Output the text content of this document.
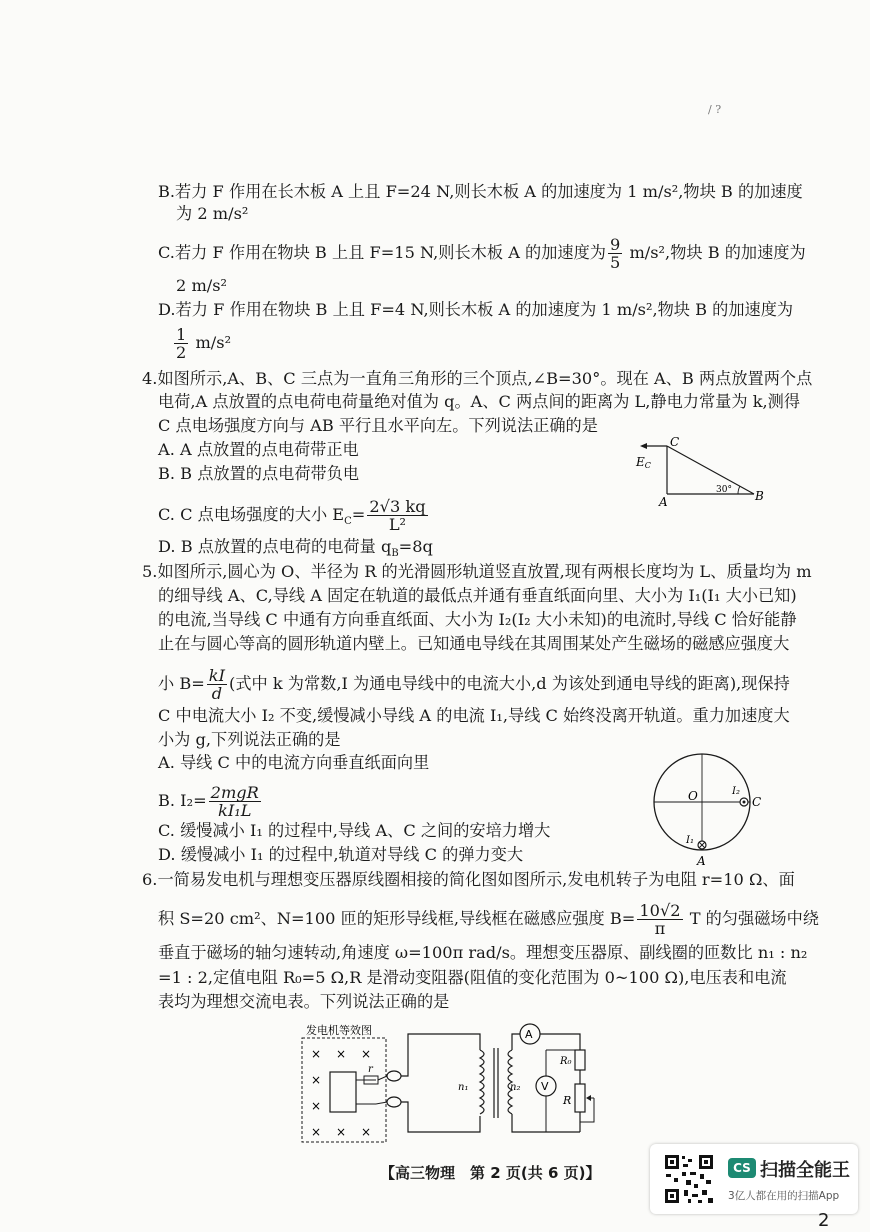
/ ?
B.若力 F 作用在长木板 A 上且 F=24 N,则长木板 A 的加速度为 1 m/s²,物块 B 的加速度
为 2 m/s²
C.若力 F 作用在物块 B 上且 F=15 N,则长木板 A 的加速度为 $\frac{9}{5} m/s^2$,物块 B 的加速度为
2 m/s²
D.若力 F 作用在物块 B 上且 F=4 N,则长木板 A 的加速度为 1 m/s²,物块 B 的加速度为
$\frac{1}{2} m/s^2$
4.如图所示,A、B、C 三点为一直角三角形的三个顶点,∠B=30°。现在 A、B 两点放置两个点
电荷,A 点放置的点电荷电荷量绝对值为 q。A、C 两点间的距离为 L,静电力常量为 k,测得
C 点电场强度方向与 AB 平行且水平向左。下列说法正确的是
A. A 点放置的点电荷带正电
B. B 点放置的点电荷带负电
C. C 点电场强度的大小 $E_C= \frac{2√3 kq}{\text{L²}}$
D. B 点放置的点电荷的电荷量 $q_B=8q$
C
A	B
EC
30°
5.如图所示,圆心为 O、半径为 R 的光滑圆形轨道竖直放置,现有两根长度均为 L、质量均为 m
的细导线 A、C,导线 A 固定在轨道的最低点并通有垂直纸面向里、大小为 I₁(I₁ 大小已知)
的电流,当导线 C 中通有方向垂直纸面、大小为 I₂(I₂ 大小未知)的电流时,导线 C 恰好能静
止在与圆心等高的圆形轨道内壁上。已知通电导线在其周围某处产生磁场的磁感应强度大
小 $B= \frac{kI}{d}$ (式中 k 为常数,I 为通电导线中的电流大小,d 为该处到通电导线的距离),现保持
C 中电流大小 I₂ 不变,缓慢减小导线 A 的电流 I₁,导线 C 始终没离开轨道。重力加速度大
小为 g,下列说法正确的是
A. 导线 C 中的电流方向垂直纸面向里
B. $I_2= \frac{\text{2mgR}}{\text{kI₁L}}$
C. 缓慢减小 I₁ 的过程中,导线 A、C 之间的安培力增大
D. 缓慢减小 I₁ 的过程中,轨道对导线 C 的弹力变大
O	I₂
C
I₁
A
6.一简易发电机与理想变压器原线圈相接的简化图如图所示,发电机转子为电阻 r=10 Ω、面
积 S=20 cm²、N=100 匝的矩形导线框,导线框在磁感应强度 $B= \frac{10√2}{\pi}$ T 的匀强磁场中绕
垂直于磁场的轴匀速转动,角速度 ω=100π rad/s。理想变压器原、副线圈的匝数比 n₁ : n₂
=1 : 2,定值电阻 R₀=5 Ω,R 是滑动变阻器(阻值的变化范围为 0~100 Ω),电压表和电流
表均为理想交流电表。下列说法正确的是
发电机等效图
× × ×
×
×
× × ×
r
n₁	n₂
A
R₀
R
V
【高三物理　第 2 页(共 6 页)】	CS 扫描全能王
3亿人都在用的扫描App
2
